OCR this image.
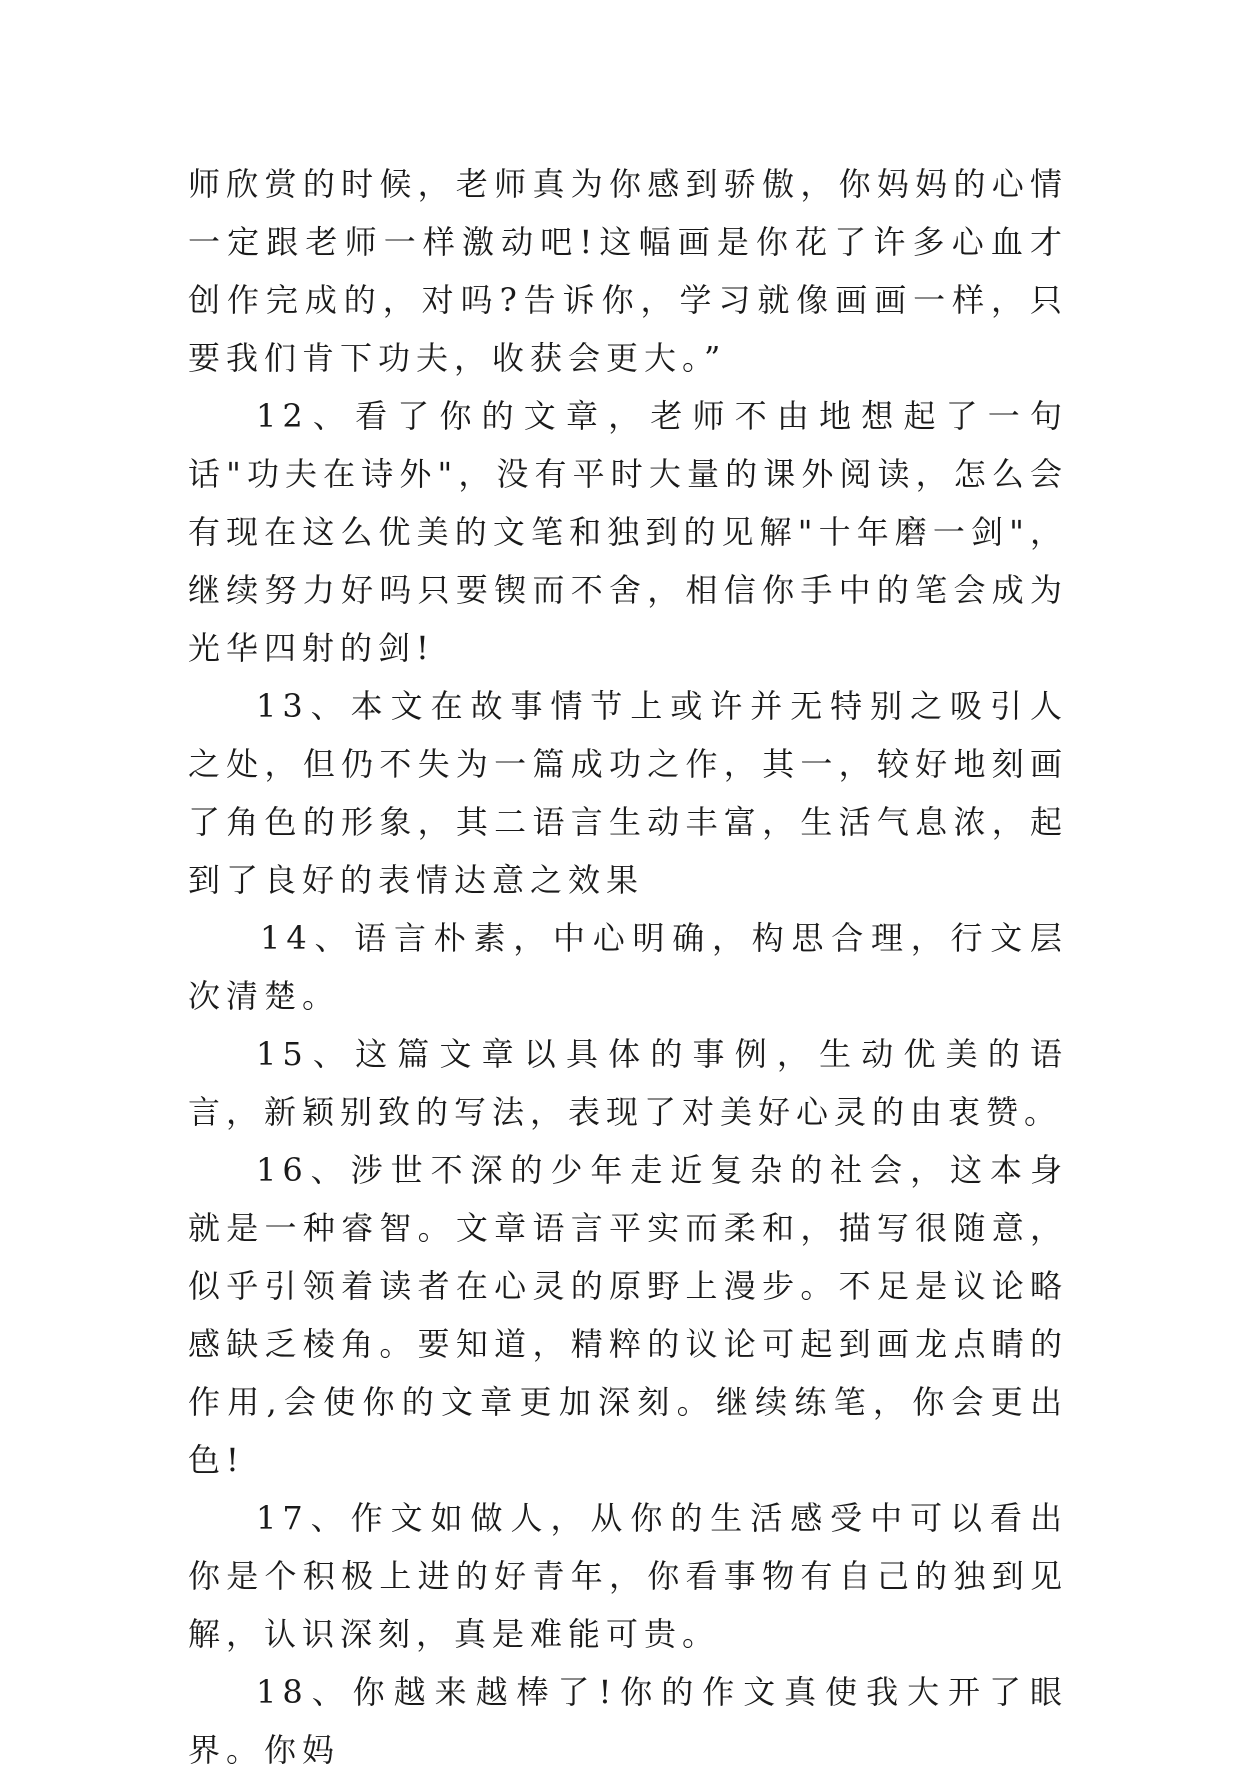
师欣赏的时候，老师真为你感到骄傲，你妈妈的心情一定跟老师一样激动吧!这幅画是你花了许多心血才创作完成的，对吗?告诉你，学习就像画画一样，只要我们肯下功夫，收获会更大。”

12、看了你的文章，老师不由地想起了一句话"功夫在诗外"，没有平时大量的课外阅读，怎么会有现在这么优美的文笔和独到的见解"十年磨一剑"，继续努力好吗只要锲而不舍，相信你手中的笔会成为光华四射的剑!

13、本文在故事情节上或许并无特别之吸引人之处，但仍不失为一篇成功之作，其一，较好地刻画了角色的形象，其二语言生动丰富，生活气息浓，起到了良好的表情达意之效果

14、语言朴素，中心明确，构思合理，行文层次清楚。

15、这篇文章以具体的事例，生动优美的语言，新颖别致的写法，表现了对美好心灵的由衷赞。

16、涉世不深的少年走近复杂的社会，这本身就是一种睿智。文章语言平实而柔和，描写很随意，似乎引领着读者在心灵的原野上漫步。不足是议论略感缺乏棱角。要知道，精粹的议论可起到画龙点睛的作用,会使你的文章更加深刻。继续练笔，你会更出色!

17、作文如做人，从你的生活感受中可以看出你是个积极上进的好青年，你看事物有自己的独到见解，认识深刻，真是难能可贵。

18、你越来越棒了!你的作文真使我大开了眼界。你妈
